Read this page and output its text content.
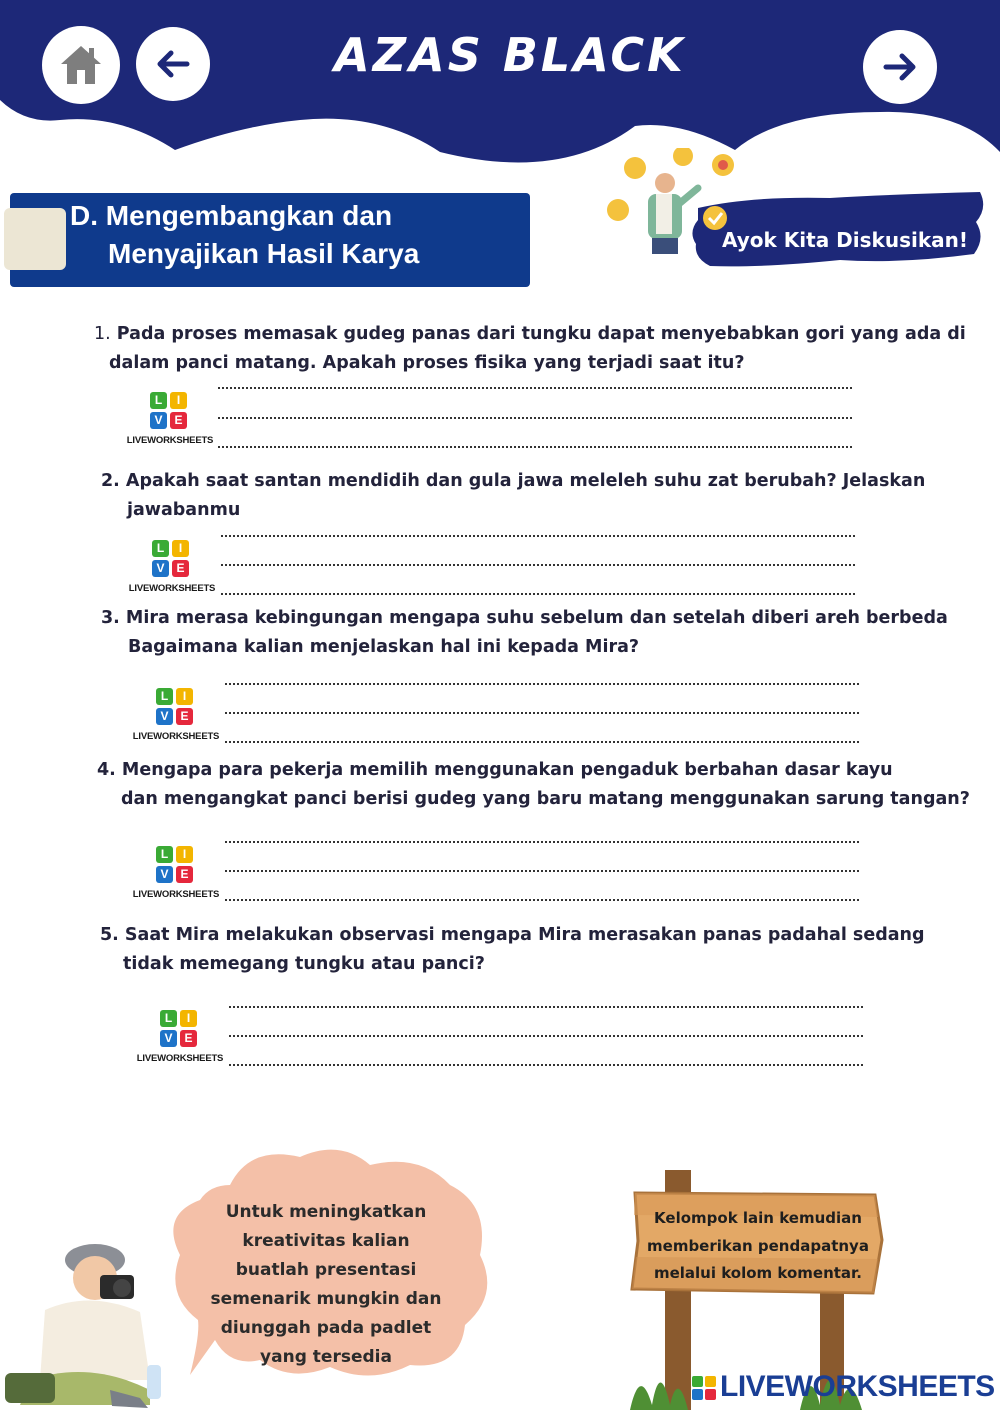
AZAS BLACK
D. Mengembangkan dan
Menyajikan Hasil Karya	Ayok Kita Diskusikan!
1. Pada proses memasak gudeg panas dari tungku dapat menyebabkan gori yang ada di
dalam panci matang. Apakah proses fisika yang terjadi saat itu?
L	I
V E
LIVEWORKSHEETS
2. Apakah saat santan mendidih dan gula jawa meleleh suhu zat berubah? Jelaskan
jawabanmu
L	I
V E
LIVEWORKSHEETS
3. Mira merasa kebingungan mengapa suhu sebelum dan setelah diberi areh berbeda
Bagaimana kalian menjelaskan hal ini kepada Mira?
L	I
V E
LIVEWORKSHEETS
4. Mengapa para pekerja memilih menggunakan pengaduk berbahan dasar kayu
dan mengangkat panci berisi gudeg yang baru matang menggunakan sarung tangan?
L	I
V E
LIVEWORKSHEETS
5. Saat Mira melakukan observasi mengapa Mira merasakan panas padahal sedang
tidak memegang tungku atau panci?
L	I
V E
LIVEWORKSHEETS
Untuk meningkatkan
kreativitas kalian
buatlah presentasi
semenarik mungkin dan
diunggah pada padlet
yang tersedia
Kelompok lain kemudian
memberikan pendapatnya
melalui kolom komentar.
LIVEWORKSHEETS
